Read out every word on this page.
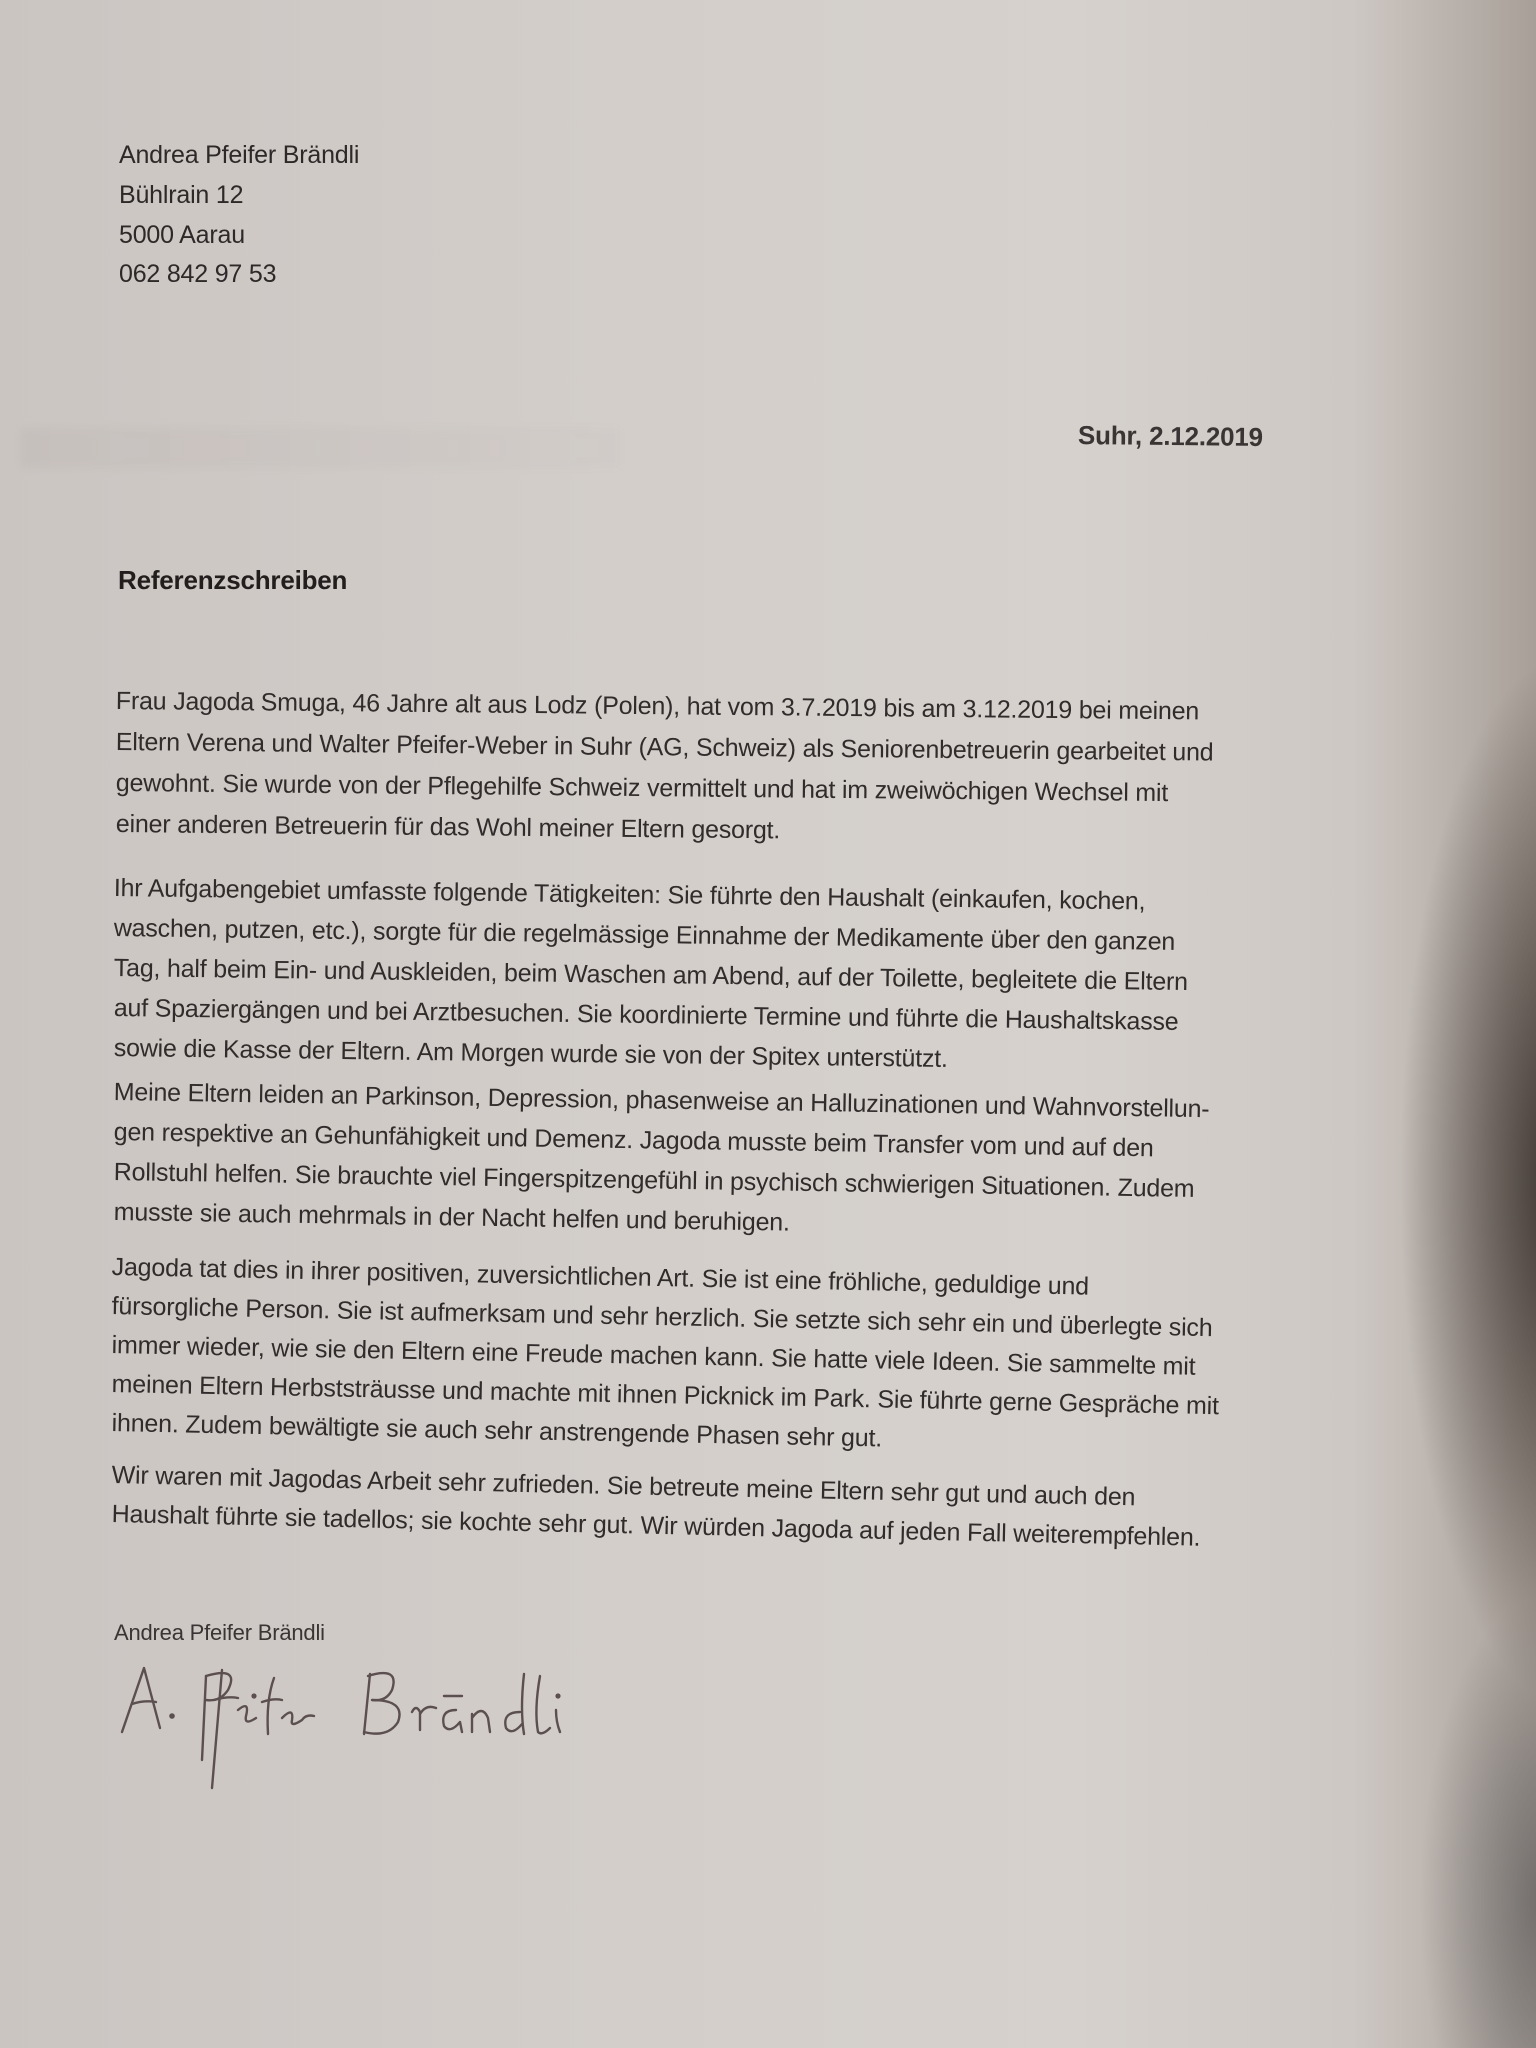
Andrea Pfeifer Brändli
Bühlrain 12
5000 Aarau
062 842 97 53
Suhr, 2.12.2019
Referenzschreiben
Frau Jagoda Smuga, 46 Jahre alt aus Lodz (Polen), hat vom 3.7.2019 bis am 3.12.2019 bei meinen
Eltern Verena und Walter Pfeifer-Weber in Suhr (AG, Schweiz) als Seniorenbetreuerin gearbeitet und
gewohnt. Sie wurde von der Pflegehilfe Schweiz vermittelt und hat im zweiwöchigen Wechsel mit
einer anderen Betreuerin für das Wohl meiner Eltern gesorgt.
Ihr Aufgabengebiet umfasste folgende Tätigkeiten: Sie führte den Haushalt (einkaufen, kochen,
waschen, putzen, etc.), sorgte für die regelmässige Einnahme der Medikamente über den ganzen
Tag, half beim Ein- und Auskleiden, beim Waschen am Abend, auf der Toilette, begleitete die Eltern
auf Spaziergängen und bei Arztbesuchen. Sie koordinierte Termine und führte die Haushaltskasse
sowie die Kasse der Eltern. Am Morgen wurde sie von der Spitex unterstützt.
Meine Eltern leiden an Parkinson, Depression, phasenweise an Halluzinationen und Wahnvorstellun-
gen respektive an Gehunfähigkeit und Demenz. Jagoda musste beim Transfer vom und auf den
Rollstuhl helfen. Sie brauchte viel Fingerspitzengefühl in psychisch schwierigen Situationen. Zudem
musste sie auch mehrmals in der Nacht helfen und beruhigen.
Jagoda tat dies in ihrer positiven, zuversichtlichen Art. Sie ist eine fröhliche, geduldige und
fürsorgliche Person. Sie ist aufmerksam und sehr herzlich. Sie setzte sich sehr ein und überlegte sich
immer wieder, wie sie den Eltern eine Freude machen kann. Sie hatte viele Ideen. Sie sammelte mit
meinen Eltern Herbststräusse und machte mit ihnen Picknick im Park. Sie führte gerne Gespräche mit
ihnen. Zudem bewältigte sie auch sehr anstrengende Phasen sehr gut.
Wir waren mit Jagodas Arbeit sehr zufrieden. Sie betreute meine Eltern sehr gut und auch den
Haushalt führte sie tadellos; sie kochte sehr gut. Wir würden Jagoda auf jeden Fall weiterempfehlen.
Andrea Pfeifer Brändli
